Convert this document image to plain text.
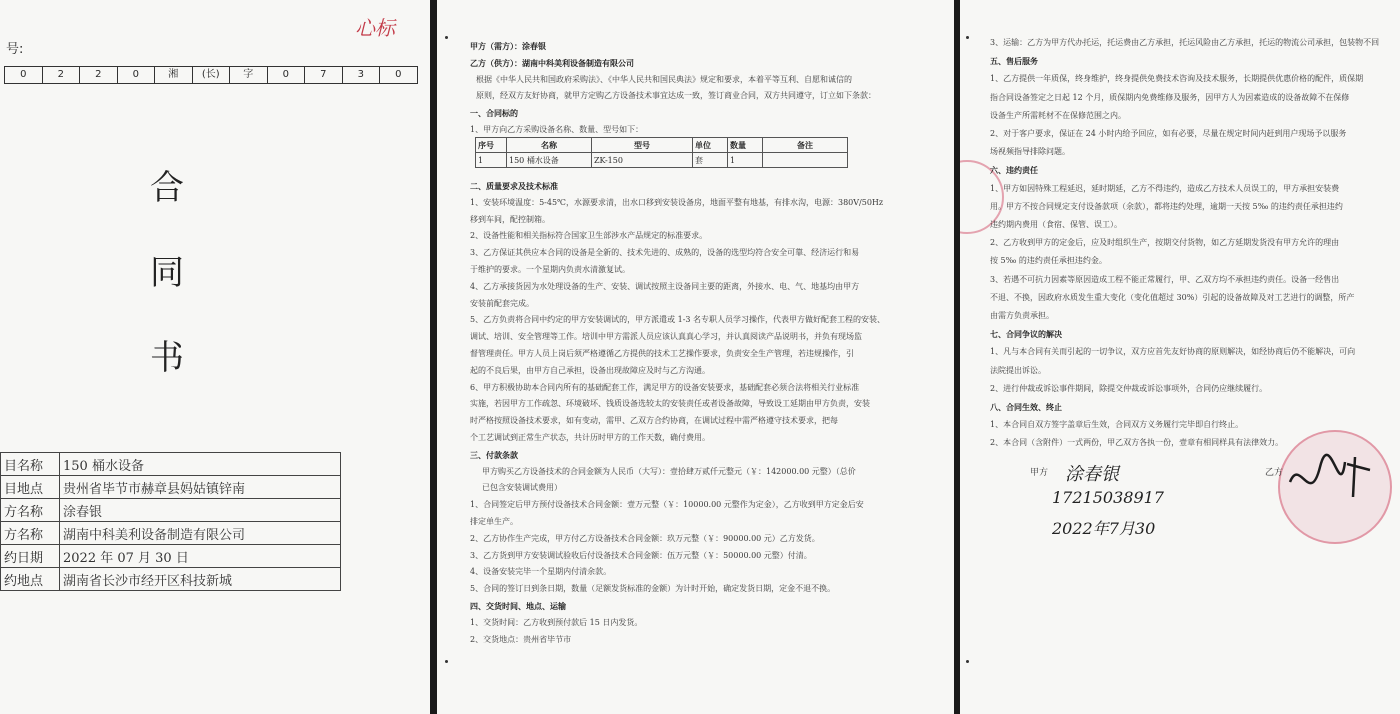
心标
号:
0	2	2	0	湘	(长)	字	0	7	3	0
合
同
书
目名称	150 桶水设备
目地点	贵州省毕节市赫章县妈姑镇锌南
方名称	涂春银
方名称	湖南中科美利设备制造有限公司
约日期	2022 年 07 月 30 日
约地点	湖南省长沙市经开区科技新城
序号	名称	型号	单位	数量	备注
1	150 桶水设备	ZK-150	套	1	
甲方（需方）：涂春银
乙方（供方）：湖南中科美利设备制造有限公司
根据《中华人民共和国政府采购法》、《中华人民共和国民典法》规定和要求，本着平等互利、自愿和诚信的
原则，经双方友好协商，就甲方定购乙方设备技术事宜达成一致，签订商业合同，双方共同遵守，订立如下条款：
一、合同标的
1、甲方向乙方采购设备名称、数量、型号如下：
二、质量要求及技术标准
1、安装环境温度：5-45℃，水源要求清，出水口移到安装设备房，地面平整有地基，有排水沟，电源：380V/50Hz
移到车间，配控制箱。
2、设备性能和相关指标符合国家卫生部涉水产品规定的标准要求。
3、乙方保证其供应本合同的设备是全新的、技术先进的、成熟的，设备的选型均符合安全可靠、经济运行和易
于维护的要求。一个星期内负责水清激复试。
4、乙方承接货因为水处理设备的生产、安装、调试按照主设备同主要的距离，外接水、电、气、地基均由甲方
安装前配套完成。
5、乙方负责将合同中约定的甲方安装调试的，甲方派遣或 1-3 名专职人员学习操作，代表甲方做好配套工程的安装、
调试、培训、安全管理等工作。培训中甲方需派人员应该认真真心学习，并认真阅读产品说明书，并负有现场监
督管理责任。甲方人员上岗后须严格遵循乙方提供的技术工艺操作要求，负责安全生产管理，若违规操作，引
起的不良后果，由甲方自己承担，设备出现故障应及时与乙方沟通。
6、甲方积极协助本合同内所有的基础配套工作，满足甲方的设备安装要求，基础配套必须合法将相关行业标准
实施，若因甲方工作疏忽、环境破坏、钱质设备选较太的安装责任或者设备故障，导致设工延期由甲方负责，安装
时严格按照设备技术要求，如有变动，需甲、乙双方合约协商，在调试过程中需严格遵守技术要求，把每
个工艺调试到正常生产状态，共计历时甲方的工作天数，确付费用。
三、付款条款
甲方购买乙方设备技术的合同金额为人民币（大写）：壹拾肆万贰仟元整元（￥：142000.00 元整）（总价
已包含安装调试费用）
1、合同签定后甲方预付设备技术合同金额：壹万元整（￥：10000.00 元整作为定金），乙方收到甲方定金后安
排定单生产。
2、乙方协作生产完成，甲方付乙方设备技术合同金额：玖万元整（￥：90000.00 元）乙方发货。
3、乙方货到甲方安装调试验收后付设备技术合同金额：伍万元整（￥：50000.00 元整）付清。
4、设备安装完毕一个星期内付清余款。
5、合同的签订日到条日期，数量（足额发货标准的金额）为计时开始，确定发货日期，定金不退不换。
四、交货时间、地点、运输
1、交货时间：乙方收到预付款后 15 日内发货。
2、交货地点：贵州省毕节市
3、运输：乙方为甲方代办托运，托运费由乙方承担，托运风险由乙方承担，托运的物流公司承担，包装物不回
五、售后服务
1、乙方提供一年质保，终身维护，终身提供免费技术咨询及技术服务，长期提供优惠价格的配件，质保期
指合同设备签定之日起 12 个月，质保期内免费维修及服务，因甲方人为因素造成的设备故障不在保修
设备生产所需耗材不在保修范围之内。
2、对于客户要求，保证在 24 小时内给予回应，如有必要，尽量在规定时间内赶到用户现场予以服务
场视频指导排除问题。
六、违约责任
1、甲方如因特殊工程延迟，延时期延，乙方不得违约，造成乙方技术人员误工的，甲方承担安装费
用。甲方不按合同规定支付设备款项（余款），都将违约处理，逾期一天按 5‰ 的违约责任承担违约
违约期内费用（食宿、保管、误工）。
2、乙方收到甲方的定金后，应及时组织生产，按期交付货物，如乙方延期发货没有甲方允许的理由
按 5‰ 的违约责任承担违约金。
3、若遇不可抗力因素等原因造成工程不能正常履行，甲、乙双方均不承担违约责任。设备一经售出
不退、不换，因政府水质发生重大变化（变化值超过 30%）引起的设备故障及对工艺进行的调整，所产
由需方负责承担。
七、合同争议的解决
1、凡与本合同有关而引起的一切争议，双方应首先友好协商的原则解决，如经协商后仍不能解决，可向
法院提出诉讼。
2、进行仲裁或诉讼事件期间，除提交仲裁或诉讼事项外，合同仍应继续履行。
八、合同生效、终止
1、本合同自双方签字盖章后生效，合同双方义务履行完毕即自行终止。
2、本合同（含附件）一式两份，甲乙双方各执一份，壹章有相同样具有法律效力。
甲方 涂春银
17215038917
2022年7月30
乙方
